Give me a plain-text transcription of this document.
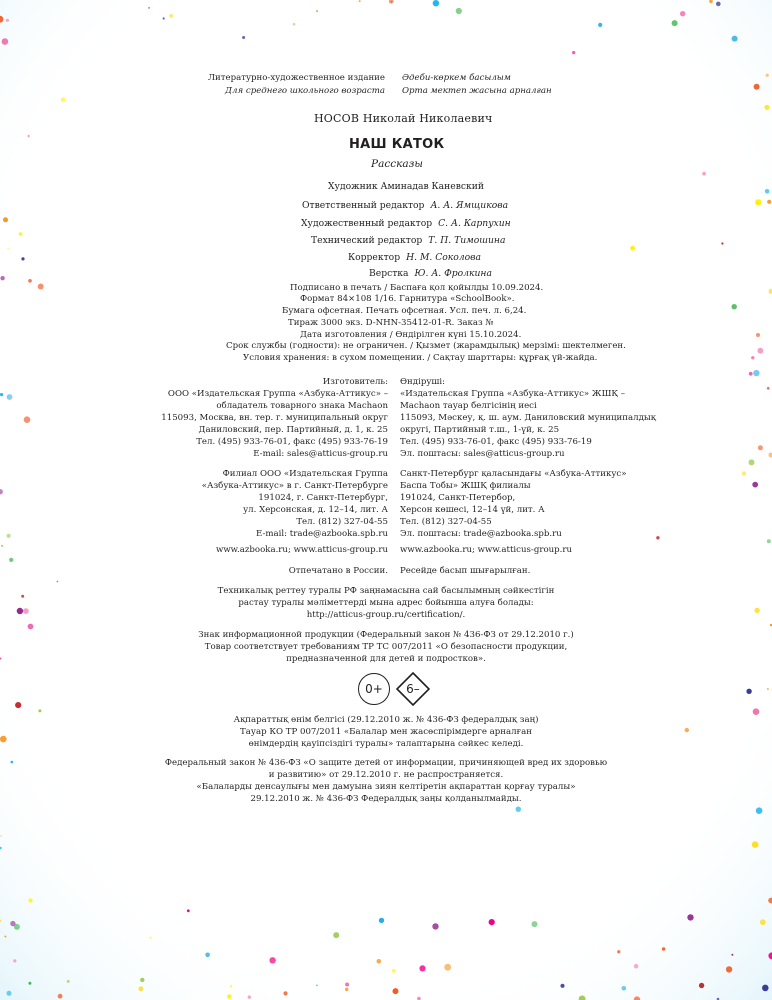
Литературно-художественное издание
Для среднего школьного возраста
Әдеби-көркем басылым
Орта мектеп жасына арналған
НОСОВ Николай Николаевич
НАШ КАТОК
Рассказы
Художник Аминадав Каневский
Ответственный редактор А. А. Ямщикова
Художественный редактор С. А. Карпухин
Технический редактор Т. П. Тимошина
Корректор Н. М. Соколова
Верстка Ю. А. Фролкина
Подписано в печать / Баспаға қол қойылды 10.09.2024.
Формат 84×108 1/16. Гарнитура «SchoolBook».
Бумага офсетная. Печать офсетная. Усл. печ. л. 6,24.
Тираж 3000 экз. D-NHN-35412-01-R. Заказ №
Дата изготовления / Өндірілген күні 15.10.2024.
Срок службы (годности): не ограничен. / Қызмет (жарамдылық) мерзімі: шектелмеген.
Условия хранения: в сухом помещении. / Сақтау шарттары: құрғақ үй-жайда.
Изготовитель:
ООО «Издательская Группа «Азбука-Аттикус» –
обладатель товарного знака Machaon
115093, Москва, вн. тер. г. муниципальный округ
Даниловский, пер. Партийный, д. 1, к. 25
Тел. (495) 933-76-01, факс (495) 933-76-19
E-mail: sales@atticus-group.ru
Өндіруші:
«Издательская Группа «Азбука-Аттикус» ЖШҚ –
Machaon тауар белгісінің иесі
115093, Мәскеу, қ. ш. аум. Даниловский муниципалдық
округі, Партийный т.ш., 1-үй, к. 25
Тел. (495) 933-76-01, факс (495) 933-76-19
Эл. поштасы: sales@atticus-group.ru
Филиал ООО «Издательская Группа
«Азбука-Аттикус» в г. Санкт-Петербурге
191024, г. Санкт-Петербург,
ул. Херсонская, д. 12–14, лит. А
Тел. (812) 327-04-55
E-mail: trade@azbooka.spb.ru
Санкт-Петербург қаласындағы «Азбука-Аттикус»
Баспа Тобы» ЖШҚ филиалы
191024, Санкт-Петербор,
Херсон көшесі, 12–14 үй, лит. А
Тел. (812) 327-04-55
Эл. поштасы: trade@azbooka.spb.ru
www.azbooka.ru; www.atticus-group.ru www.azbooka.ru; www.atticus-group.ru
Отпечатано в России. Ресейде басып шығарылған.
Техникалық реттеу туралы РФ заңнамасына сай басылымның сәйкестігін
растау туралы мәліметтерді мына адрес бойынша алуға болады:
http://atticus-group.ru/certification/.
Знак информационной продукции (Федеральный закон № 436-ФЗ от 29.12.2010 г.)
Товар соответствует требованиям ТР ТС 007/2011 «О безопасности продукции,
предназначенной для детей и подростков».
0+	6–
Ақпараттық өнім белгісі (29.12.2010 ж. № 436-ФЗ федералдық заң)
Тауар КО ТР 007/2011 «Балалар мен жасөспірімдерге арналған
өнімдердің қауіпсіздігі туралы» талаптарына сәйкес келеді.
Федеральный закон № 436-ФЗ «О защите детей от информации, причиняющей вред их здоровью
и развитию» от 29.12.2010 г. не распространяется.
«Балаларды денсаулығы мен дамуына зиян келтіретін ақпараттан қорғау туралы»
29.12.2010 ж. № 436-ФЗ Федералдық заңы қолданылмайды.
